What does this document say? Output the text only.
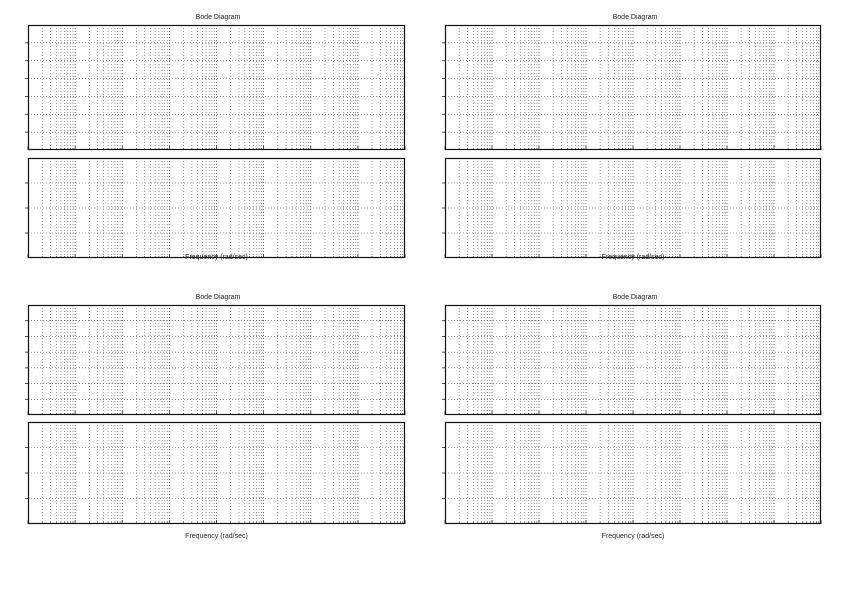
Bode Diagram
Frequency (rad/sec)
Bode Diagram
Frequency (rad/sec)
Bode Diagram
Frequency (rad/sec)
Bode Diagram
Frequency (rad/sec)
